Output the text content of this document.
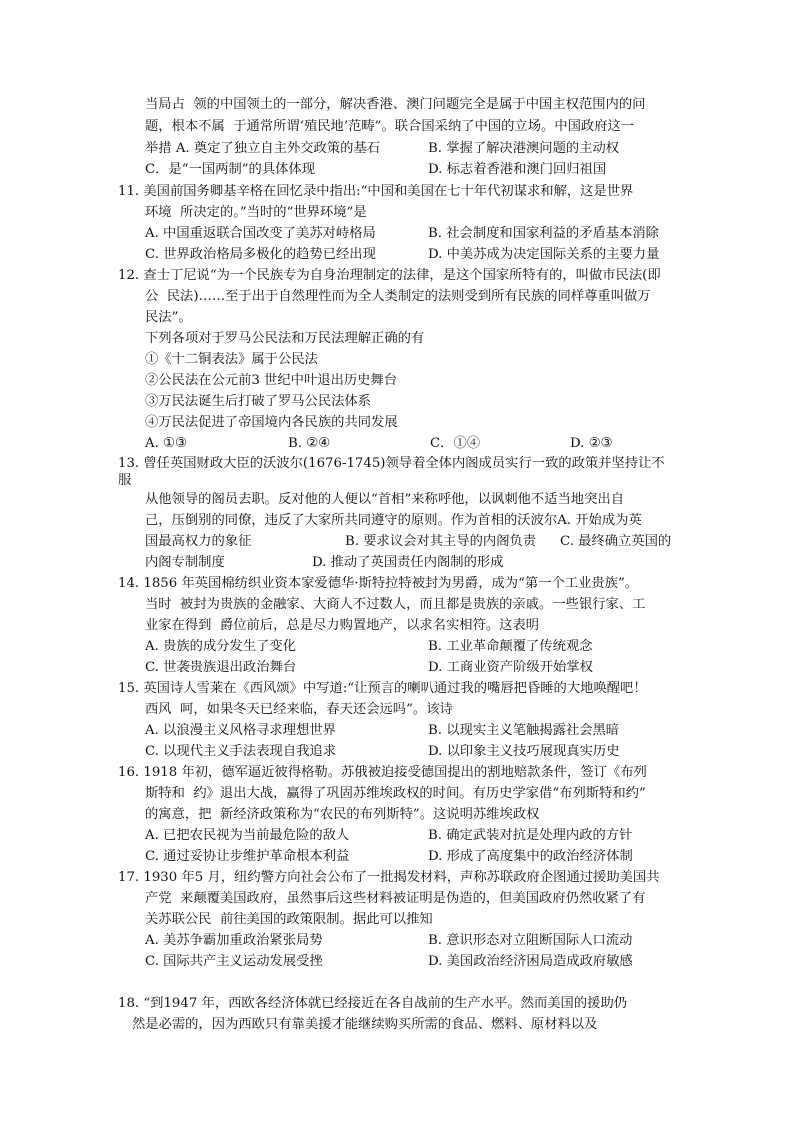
当局占  领的中国领土的一部分，解决香港、澳门问题完全是属于中国主权范围内的问
题，根本不属  于通常所谓‘殖民地’范畴”。联合国采纳了中国的立场。中国政府这一
举措 A. 奠定了独立自主外交政策的基石	B. 掌握了解决港澳问题的主动权
C．是“一国两制”的具体体现	D. 标志着香港和澳门回归祖国
11. 美国前国务卿基辛格在回忆录中指出:“中国和美国在七十年代初谋求和解，这是世界
环境  所决定的。”当时的“世界环境”是
A. 中国重返联合国改变了美苏对峙格局	B. 社会制度和国家利益的矛盾基本消除
C. 世界政治格局多极化的趋势已经出现	D. 中美苏成为决定国际关系的主要力量
12. 查士丁尼说“为一个民族专为自身治理制定的法律，是这个国家所特有的，叫做市民法(即
公  民法)……至于出于自然理性而为全人类制定的法则受到所有民族的同样尊重叫做万
民法”。
下列各项对于罗马公民法和万民法理解正确的有
①《十二铜表法》属于公民法
②公民法在公元前3 世纪中叶退出历史舞台
③万民法诞生后打破了罗马公民法体系
④万民法促进了帝国境内各民族的共同发展
A. ①③	B. ②④	C．①④	D. ②③
13. 曾任英国财政大臣的沃波尔(1676-1745)领导着全体内阁成员实行一致的政策并坚持让不
服
从他领导的阁员去职。反对他的人便以“首相”来称呼他，以讽刺他不适当地突出自
己，压倒别的同僚，违反了大家所共同遵守的原则。作为首相的沃波尔A. 开始成为英
国最高权力的象征	B. 要求议会对其主导的内阁负责 C. 最终确立英国的
内阁专制制度	D. 推动了英国责任内阁制的形成
14. 1856 年英国棉纺织业资本家爱德华·斯特拉特被封为男爵，成为“第一个工业贵族”。
当时  被封为贵族的金融家、大商人不过数人，而且都是贵族的亲戚。一些银行家、工
业家在得到  爵位前后，总是尽力购置地产，以求名实相符。这表明
A. 贵族的成分发生了变化	B. 工业革命颠覆了传统观念
C. 世袭贵族退出政治舞台	D. 工商业资产阶级开始掌权
15. 英国诗人雪莱在《西风颂》中写道:“让预言的喇叭通过我的嘴唇把昏睡的大地唤醒吧！
西风  呵，如果冬天已经来临，春天还会远吗”。该诗
A. 以浪漫主义风格寻求理想世界	B. 以现实主义笔触揭露社会黑暗
C. 以现代主义手法表现自我追求	D. 以印象主义技巧展现真实历史
16. 1918 年初，德军逼近彼得格勒。苏俄被迫接受德国提出的割地赔款条件，签订《布列
斯特和  约》退出大战，赢得了巩固苏维埃政权的时间。有历史学家借“布列斯特和约”
的寓意，把  新经济政策称为“农民的布列斯特”。这说明苏维埃政权
A. 已把农民视为当前最危险的敌人	B. 确定武装对抗是处理内政的方针
C. 通过妥协让步维护革命根本利益	D. 形成了高度集中的政治经济体制
17. 1930 年5 月，纽约警方向社会公布了一批揭发材料，声称苏联政府企图通过援助美国共
产党  来颠覆美国政府，虽然事后这些材料被证明是伪造的，但美国政府仍然收紧了有
关苏联公民  前往美国的政策限制。据此可以推知
A. 美苏争霸加重政治紧张局势	B. 意识形态对立阻断国际人口流动
C. 国际共产主义运动发展受挫	D. 美国政治经济困局造成政府敏感
18. “到1947 年，西欧各经济体就已经接近在各自战前的生产水平。然而美国的援助仍
然是必需的，因为西欧只有靠美援才能继续购买所需的食品、燃料、原材料以及
